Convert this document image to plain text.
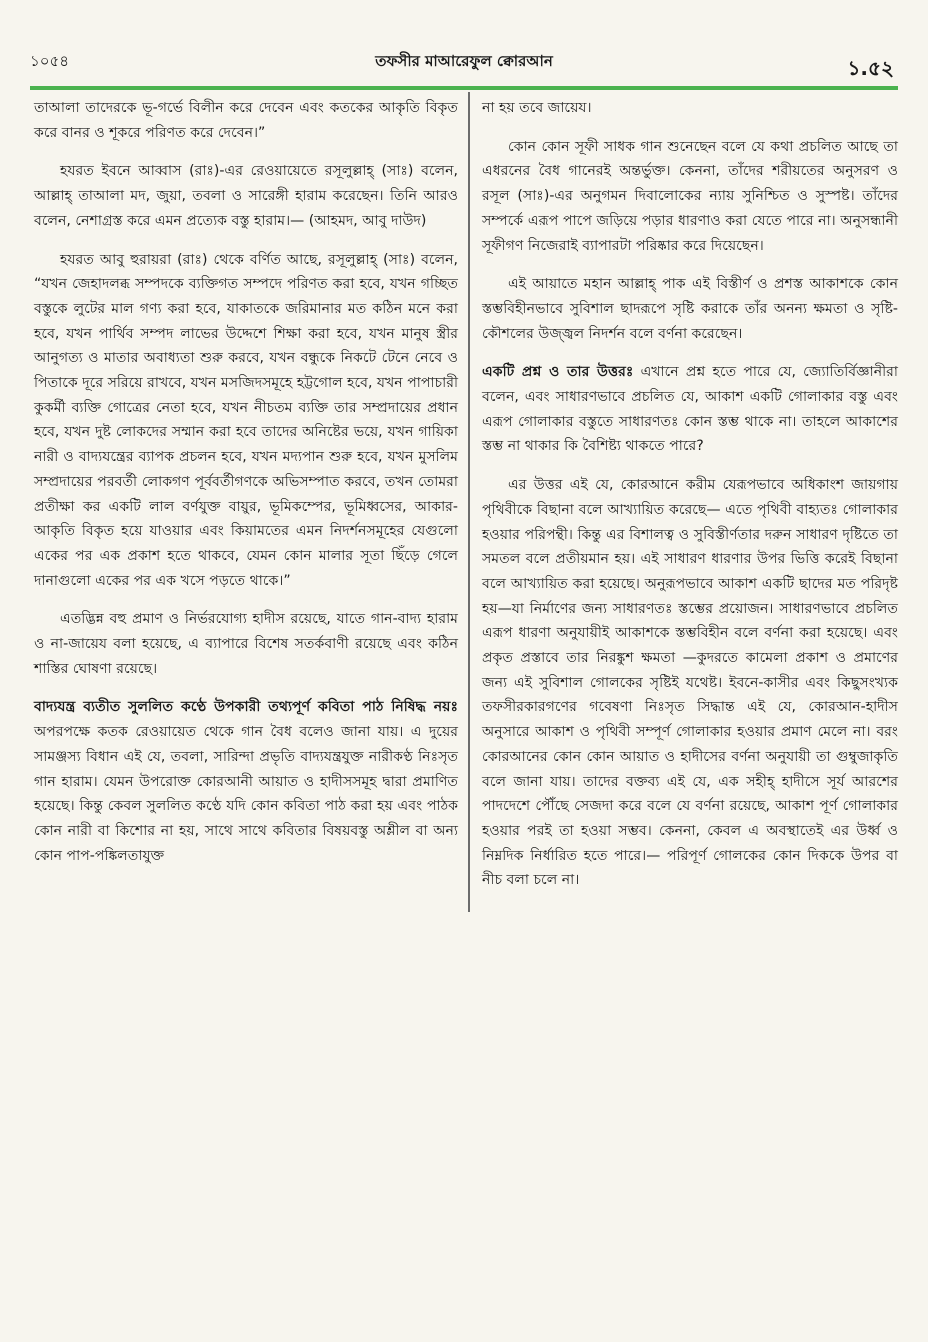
১০৫৪	তফসীর মাআরেফুল ক্বোরআন	১.৫২

তাআলা তাদেরকে ভূ-গর্ভে বিলীন করে দেবেন এবং কতকের আকৃতি বিকৃত করে বানর ও শূকরে পরিণত করে দেবেন।”

হযরত ইবনে আব্বাস (রাঃ)-এর রেওয়ায়েতে রসূলুল্লাহ্ (সাঃ) বলেন, আল্লাহ্ তাআলা মদ, জুয়া, তবলা ও সারেঙ্গী হারাম করেছেন। তিনি আরও বলেন, নেশাগ্রস্ত করে এমন প্রত্যেক বস্তু হারাম।— (আহমদ, আবু দাউদ)

হযরত আবু হুরায়রা (রাঃ) থেকে বর্ণিত আছে, রসূলুল্লাহ্ (সাঃ) বলেন, “যখন জেহাদলব্ধ সম্পদকে ব্যক্তিগত সম্পদে পরিণত করা হবে, যখন গচ্ছিত বস্তুকে লুটের মাল গণ্য করা হবে, যাকাতকে জরিমানার মত কঠিন মনে করা হবে, যখন পার্থিব সম্পদ লাভের উদ্দেশে শিক্ষা করা হবে, যখন মানুষ স্ত্রীর আনুগত্য ও মাতার অবাধ্যতা শুরু করবে, যখন বন্ধুকে নিকটে টেনে নেবে ও পিতাকে দূরে সরিয়ে রাখবে, যখন মসজিদসমূহে হট্টগোল হবে, যখন পাপাচারী কুকর্মী ব্যক্তি গোত্রের নেতা হবে, যখন নীচতম ব্যক্তি তার সম্প্রদায়ের প্রধান হবে, যখন দুষ্ট লোকদের সম্মান করা হবে তাদের অনিষ্টের ভয়ে, যখন গায়িকা নারী ও বাদ্যযন্ত্রের ব্যাপক প্রচলন হবে, যখন মদ্যপান শুরু হবে, যখন মুসলিম সম্প্রদায়ের পরবর্তী লোকগণ পূর্ববর্তীগণকে অভিসম্পাত করবে, তখন তোমরা প্রতীক্ষা কর একটি লাল বর্ণযুক্ত বায়ুর, ভূমিকম্পের, ভূমিধ্বসের, আকার-আকৃতি বিকৃত হয়ে যাওয়ার এবং কিয়ামতের এমন নিদর্শনসমূহের যেগুলো একের পর এক প্রকাশ হতে থাকবে, যেমন কোন মালার সূতা ছিঁড়ে গেলে দানাগুলো একের পর এক খসে পড়তে থাকে।”

এতদ্ভিন্ন বহু প্রমাণ ও নির্ভরযোগ্য হাদীস রয়েছে, যাতে গান-বাদ্য হারাম ও না-জায়েয বলা হয়েছে, এ ব্যাপারে বিশেষ সতর্কবাণী রয়েছে এবং কঠিন শাস্তির ঘোষণা রয়েছে।

বাদ্যযন্ত্র ব্যতীত সুললিত কণ্ঠে উপকারী তথ্যপূর্ণ কবিতা পাঠ নিষিদ্ধ নয়ঃ অপরপক্ষে কতক রেওয়ায়েত থেকে গান বৈধ বলেও জানা যায়। এ দুয়ের সামঞ্জস্য বিধান এই যে, তবলা, সারিন্দা প্রভৃতি বাদ্যযন্ত্রযুক্ত নারীকণ্ঠ নিঃসৃত গান হারাম। যেমন উপরোক্ত কোরআনী আয়াত ও হাদীসসমূহ দ্বারা প্রমাণিত হয়েছে। কিন্তু কেবল সুললিত কণ্ঠে যদি কোন কবিতা পাঠ করা হয় এবং পাঠক কোন নারী বা কিশোর না হয়, সাথে সাথে কবিতার বিষয়বস্তু অশ্লীল বা অন্য কোন পাপ-পঙ্কিলতাযুক্ত

না হয় তবে জায়েয।

কোন কোন সূফী সাধক গান শুনেছেন বলে যে কথা প্রচলিত আছে তা এধরনের বৈধ গানেরই অন্তর্ভুক্ত। কেননা, তাঁদের শরীয়তের অনুসরণ ও রসূল (সাঃ)-এর অনুগমন দিবালোকের ন্যায় সুনিশ্চিত ও সুস্পষ্ট। তাঁদের সম্পর্কে এরূপ পাপে জড়িয়ে পড়ার ধারণাও করা যেতে পারে না। অনুসন্ধানী সূফীগণ নিজেরাই ব্যাপারটা পরিষ্কার করে দিয়েছেন।

এই আয়াতে মহান আল্লাহ্ পাক এই বিস্তীর্ণ ও প্রশস্ত আকাশকে কোন স্তম্ভবিহীনভাবে সুবিশাল ছাদরূপে সৃষ্টি করাকে তাঁর অনন্য ক্ষমতা ও সৃষ্টি-কৌশলের উজ্জ্বল নিদর্শন বলে বর্ণনা করেছেন।

একটি প্রশ্ন ও তার উত্তরঃ এখানে প্রশ্ন হতে পারে যে, জ্যোতির্বিজ্ঞানীরা বলেন, এবং সাধারণভাবে প্রচলিত যে, আকাশ একটি গোলাকার বস্তু এবং এরূপ গোলাকার বস্তুতে সাধারণতঃ কোন স্তম্ভ থাকে না। তাহলে আকাশের স্তম্ভ না থাকার কি বৈশিষ্ট্য থাকতে পারে?

এর উত্তর এই যে, কোরআনে করীম যেরূপভাবে অধিকাংশ জায়গায় পৃথিবীকে বিছানা বলে আখ্যায়িত করেছে— এতে পৃথিবী বাহ্যতঃ গোলাকার হওয়ার পরিপন্থী। কিন্তু এর বিশালত্ব ও সুবিস্তীর্ণতার দরুন সাধারণ দৃষ্টিতে তা সমতল বলে প্রতীয়মান হয়। এই সাধারণ ধারণার উপর ভিত্তি করেই বিছানা বলে আখ্যায়িত করা হয়েছে। অনুরূপভাবে আকাশ একটি ছাদের মত পরিদৃষ্ট হয়—যা নির্মাণের জন্য সাধারণতঃ স্তম্ভের প্রয়োজন। সাধারণভাবে প্রচলিত এরূপ ধারণা অনুযায়ীই আকাশকে স্তম্ভবিহীন বলে বর্ণনা করা হয়েছে। এবং প্রকৃত প্রস্তাবে তার নিরঙ্কুশ ক্ষমতা —কুদরতে কামেলা প্রকাশ ও প্রমাণের জন্য এই সুবিশাল গোলকের সৃষ্টিই যথেষ্ট। ইবনে-কাসীর এবং কিছুসংখ্যক তফসীরকারগণের গবেষণা নিঃসৃত সিদ্ধান্ত এই যে, কোরআন-হাদীস অনুসারে আকাশ ও পৃথিবী সম্পূর্ণ গোলাকার হওয়ার প্রমাণ মেলে না। বরং কোরআনের কোন কোন আয়াত ও হাদীসের বর্ণনা অনুযায়ী তা গুম্বুজাকৃতি বলে জানা যায়। তাদের বক্তব্য এই যে, এক সহীহ্ হাদীসে সূর্য আরশের পাদদেশে পৌঁছে সেজদা করে বলে যে বর্ণনা রয়েছে, আকাশ পূর্ণ গোলাকার হওয়ার পরই তা হওয়া সম্ভব। কেননা, কেবল এ অবস্থাতেই এর উর্ধ্ব ও নিম্নদিক নির্ধারিত হতে পারে।— পরিপূর্ণ গোলকের কোন দিককে উপর বা নীচ বলা চলে না।
